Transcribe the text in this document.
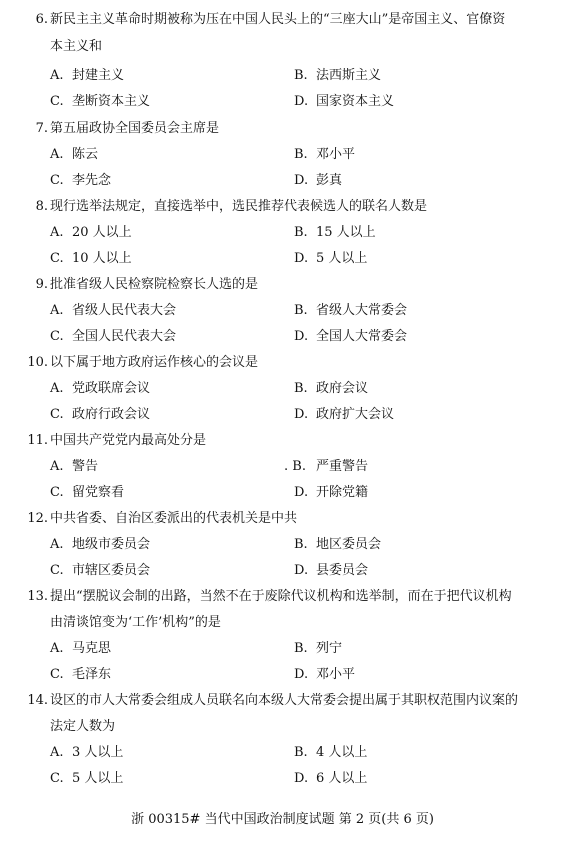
6. 新民主主义革命时期被称为压在中国人民头上的“三座大山”是帝国主义、官僚资
本主义和
A. 封建主义	B. 法西斯主义
C. 垄断资本主义	D. 国家资本主义
7. 第五届政协全国委员会主席是
A. 陈云	B. 邓小平
C. 李先念	D. 彭真
8. 现行选举法规定，直接选举中，选民推荐代表候选人的联名人数是
A. 20 人以上	B. 15 人以上
C. 10 人以上	D. 5 人以上
9. 批准省级人民检察院检察长人选的是
A. 省级人民代表大会	B. 省级人大常委会
C. 全国人民代表大会	D. 全国人大常委会
10. 以下属于地方政府运作核心的会议是
A. 党政联席会议	B. 政府会议
C. 政府行政会议	D. 政府扩大会议
11. 中国共产党党内最高处分是
A. 警告	. B. 严重警告
C. 留党察看	D. 开除党籍
12. 中共省委、自治区委派出的代表机关是中共
A. 地级市委员会	B. 地区委员会
C. 市辖区委员会	D. 县委员会
13. 提出“摆脱议会制的出路，当然不在于废除代议机构和选举制，而在于把代议机构
由清谈馆变为‘工作’机构”的是
A. 马克思	B. 列宁
C. 毛泽东	D. 邓小平
14. 设区的市人大常委会组成人员联名向本级人大常委会提出属于其职权范围内议案的
法定人数为
A. 3 人以上	B. 4 人以上
C. 5 人以上	D. 6 人以上
浙 00315# 当代中国政治制度试题 第 2 页(共 6 页)
